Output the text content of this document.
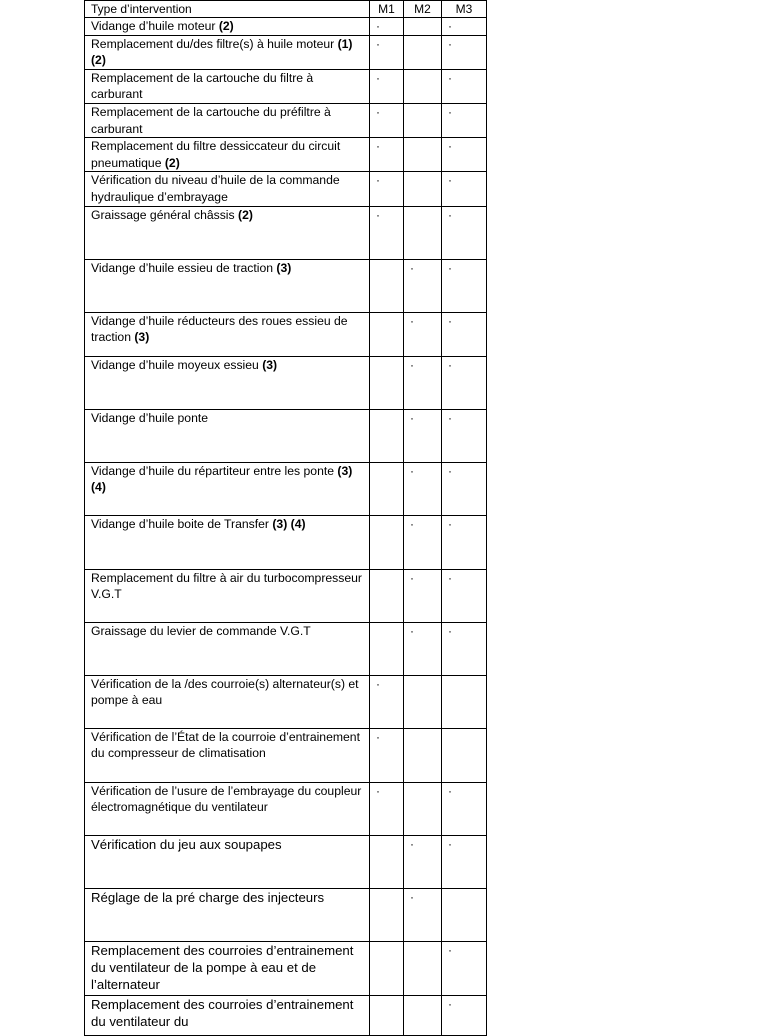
Type d’intervention	M1	M2	M3
Vidange d’huile moteur (2)	·		·
Remplacement du/des filtre(s) à huile moteur (1) (2)	·		·
Remplacement de la cartouche du filtre à carburant	·		·
Remplacement de la cartouche du préfiltre à carburant	·		·
Remplacement du filtre dessiccateur du circuit pneumatique (2)	·		·
Vérification du niveau d’huile de la commande hydraulique d’embrayage	·		·
Graissage général châssis (2)	·		·
Vidange d’huile essieu de traction (3)		·	·
Vidange d’huile réducteurs des roues essieu de traction (3)		·	·
Vidange d’huile moyeux essieu (3)		·	·
Vidange d’huile ponte		·	·
Vidange d’huile du répartiteur entre les ponte (3) (4)		·	·
Vidange d’huile boite de Transfer (3) (4)		·	·
Remplacement du filtre à air du turbocompresseur V.G.T		·	·
Graissage du levier de commande V.G.T		·	·
Vérification de la /des courroie(s) alternateur(s) et pompe à eau	·		
Vérification de l’État de la courroie d’entrainement du compresseur de climatisation	·		
Vérification de l’usure de l’embrayage du coupleur électromagnétique du ventilateur	·		·
Vérification du jeu aux soupapes		·	·
Réglage de la pré charge des injecteurs		·	
Remplacement des courroies d’entrainement du ventilateur de la pompe à eau et de l’alternateur			·
Remplacement des courroies d’entrainement du ventilateur du			·
